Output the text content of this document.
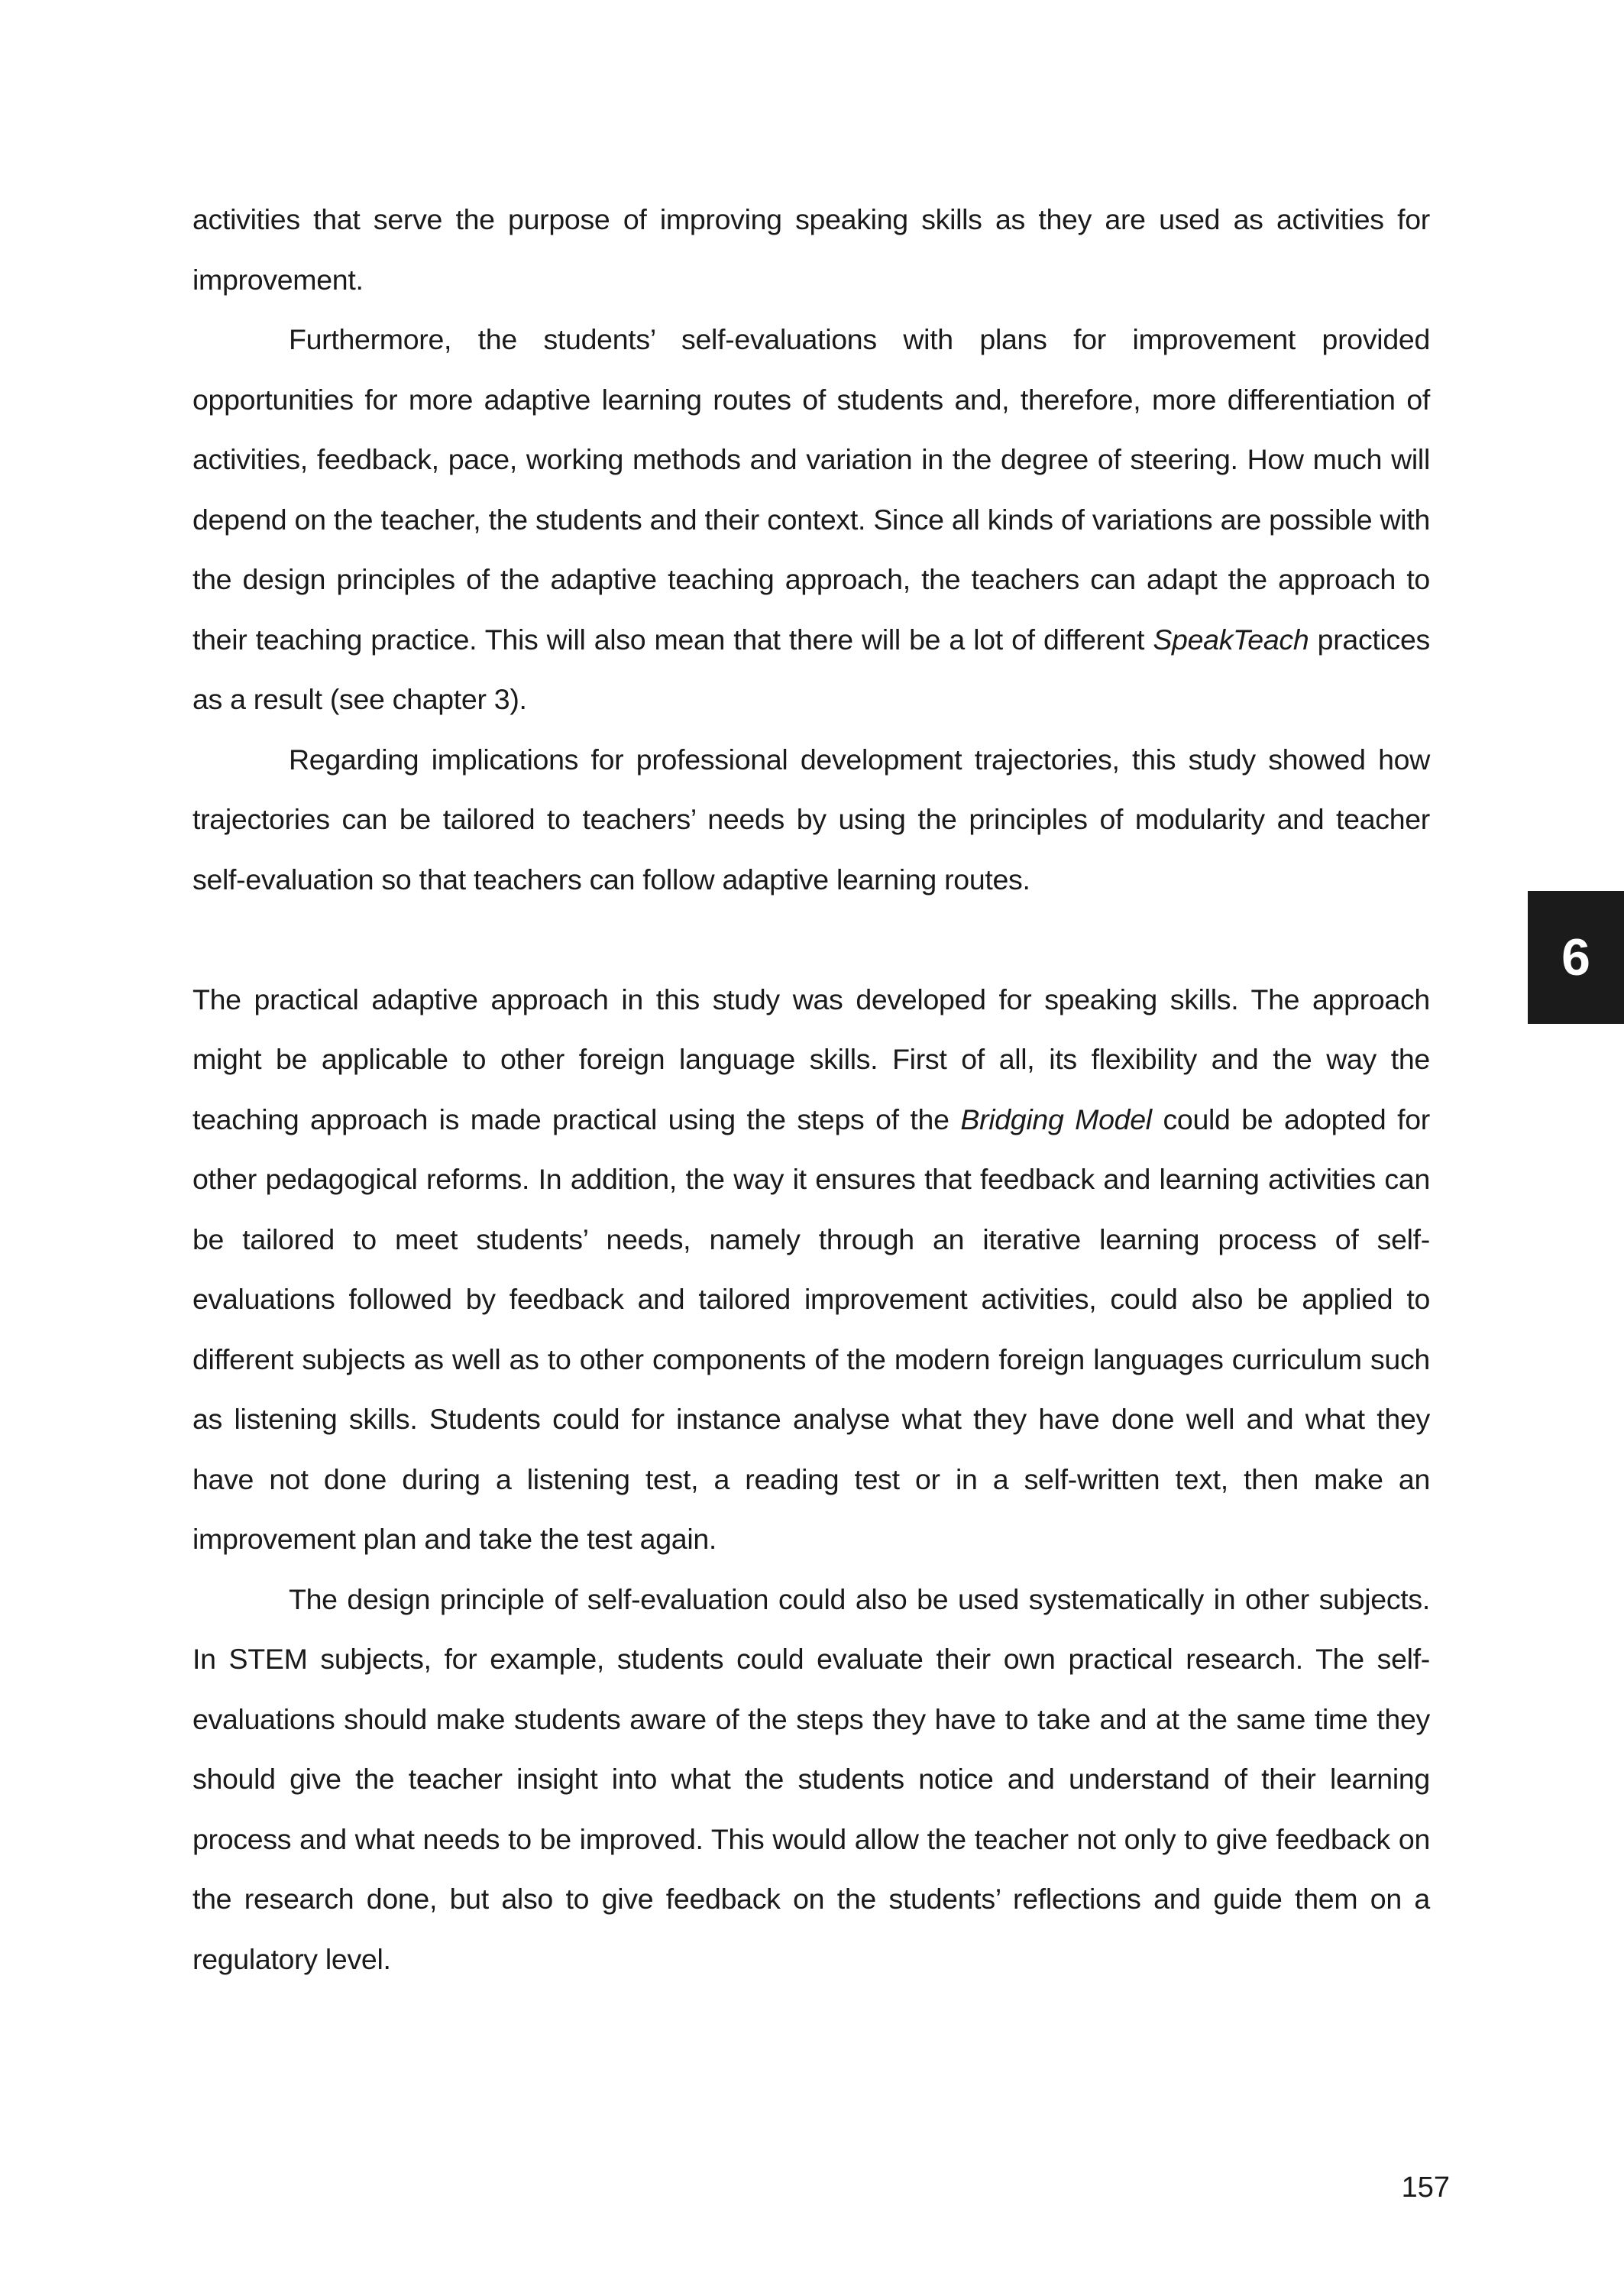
activities that serve the purpose of improving speaking skills as they are used as activities for improvement.

Furthermore, the students’ self-evaluations with plans for improvement provided opportunities for more adaptive learning routes of students and, therefore, more differentiation of activities, feedback, pace, working methods and variation in the degree of steering. How much will depend on the teacher, the students and their context. Since all kinds of variations are possible with the design principles of the adaptive teaching approach, the teachers can adapt the approach to their teaching practice. This will also mean that there will be a lot of different SpeakTeach practices as a result (see chapter 3).

Regarding implications for professional development trajectories, this study showed how trajectories can be tailored to teachers’ needs by using the principles of modularity and teacher self-evaluation so that teachers can follow adaptive learning routes.

The practical adaptive approach in this study was developed for speaking skills. The approach might be applicable to other foreign language skills. First of all, its flexibility and the way the teaching approach is made practical using the steps of the Bridging Model could be adopted for other pedagogical reforms. In addition, the way it ensures that feedback and learning activities can be tailored to meet students’ needs, namely through an iterative learning process of self-evaluations followed by feedback and tailored improvement activities, could also be applied to different subjects as well as to other components of the modern foreign languages curriculum such as listening skills. Students could for instance analyse what they have done well and what they have not done during a listening test, a reading test or in a self-written text, then make an improvement plan and take the test again.

The design principle of self-evaluation could also be used systematically in other subjects. In STEM subjects, for example, students could evaluate their own practical research. The self-evaluations should make students aware of the steps they have to take and at the same time they should give the teacher insight into what the students notice and understand of their learning process and what needs to be improved. This would allow the teacher not only to give feedback on the research done, but also to give feedback on the students’ reflections and guide them on a regulatory level.

6
157
